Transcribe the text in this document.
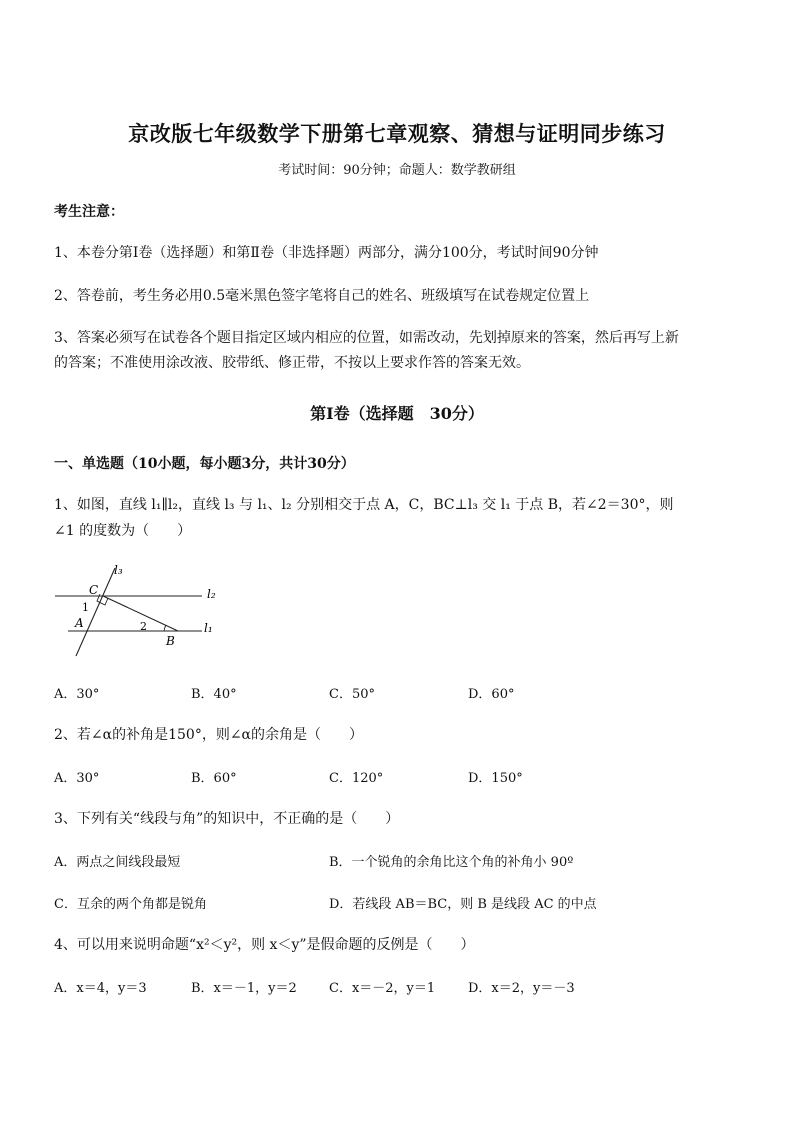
京改版七年级数学下册第七章观察、猜想与证明同步练习
考试时间：90分钟；命题人：数学教研组
考生注意：
1、本卷分第Ⅰ卷（选择题）和第Ⅱ卷（非选择题）两部分，满分100分，考试时间90分钟
2、答卷前，考生务必用0.5毫米黑色签字笔将自己的姓名、班级填写在试卷规定位置上
3、答案必须写在试卷各个题目指定区域内相应的位置，如需改动，先划掉原来的答案，然后再写上新
的答案；不准使用涂改液、胶带纸、修正带，不按以上要求作答的答案无效。
第Ⅰ卷（选择题　30分）
一、单选题（10小题，每小题3分，共计30分）
1、如图，直线 l₁∥l₂，直线 l₃ 与 l₁、l₂ 分别相交于点 A，C，BC⊥l₃ 交 l₁ 于点 B，若∠2＝30°，则
∠1 的度数为（　　）
l₃
l₂
l₁
C
A
B
1
2
A．30°	B．40°	C．50°	D．60°
2、若∠α的补角是150°，则∠α的余角是（　　）
A．30°	B．60°	C．120°	D．150°
3、下列有关“线段与角”的知识中，不正确的是（　　）
A．两点之间线段最短	B．一个锐角的余角比这个角的补角小 90º
C．互余的两个角都是锐角	D．若线段 AB＝BC，则 B 是线段 AC 的中点
4、可以用来说明命题“x²＜y²，则 x＜y”是假命题的反例是（　　）
A．x＝4，y＝3	B．x＝－1，y＝2 C．x＝－2，y＝1	D．x＝2，y＝－3
